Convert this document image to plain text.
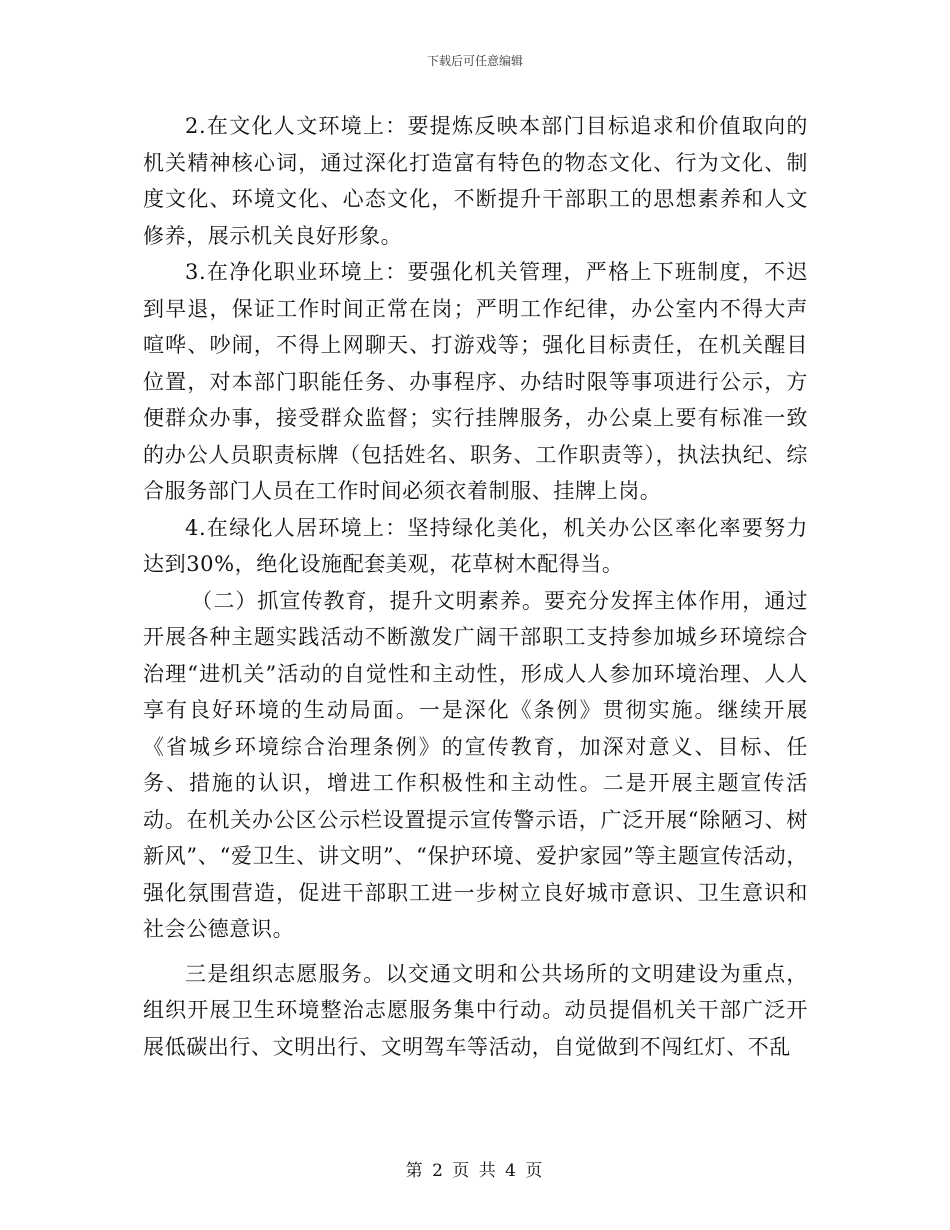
下载后可任意编辑

2.在文化人文环境上：要提炼反映本部门目标追求和价值取向的机关精神核心词，通过深化打造富有特色的物态文化、行为文化、制度文化、环境文化、心态文化，不断提升干部职工的思想素养和人文修养，展示机关良好形象。

3.在净化职业环境上：要强化机关管理，严格上下班制度，不迟到早退，保证工作时间正常在岗；严明工作纪律，办公室内不得大声喧哗、吵闹，不得上网聊天、打游戏等；强化目标责任，在机关醒目位置，对本部门职能任务、办事程序、办结时限等事项进行公示，方便群众办事，接受群众监督；实行挂牌服务，办公桌上要有标准一致的办公人员职责标牌（包括姓名、职务、工作职责等），执法执纪、综合服务部门人员在工作时间必须衣着制服、挂牌上岗。

4.在绿化人居环境上：坚持绿化美化，机关办公区率化率要努力达到30%，绝化设施配套美观，花草树木配得当。

（二）抓宣传教育，提升文明素养。要充分发挥主体作用，通过开展各种主题实践活动不断激发广阔干部职工支持参加城乡环境综合治理“进机关”活动的自觉性和主动性，形成人人参加环境治理、人人享有良好环境的生动局面。一是深化《条例》贯彻实施。继续开展《省城乡环境综合治理条例》的宣传教育，加深对意义、目标、任务、措施的认识，增进工作积极性和主动性。二是开展主题宣传活动。在机关办公区公示栏设置提示宣传警示语，广泛开展“除陋习、树新风”、“爱卫生、讲文明”、“保护环境、爱护家园”等主题宣传活动，强化氛围营造，促进干部职工进一步树立良好城市意识、卫生意识和社会公德意识。

三是组织志愿服务。以交通文明和公共场所的文明建设为重点，组织开展卫生环境整治志愿服务集中行动。动员提倡机关干部广泛开展低碳出行、文明出行、文明驾车等活动，自觉做到不闯红灯、不乱

第 2 页 共 4 页
